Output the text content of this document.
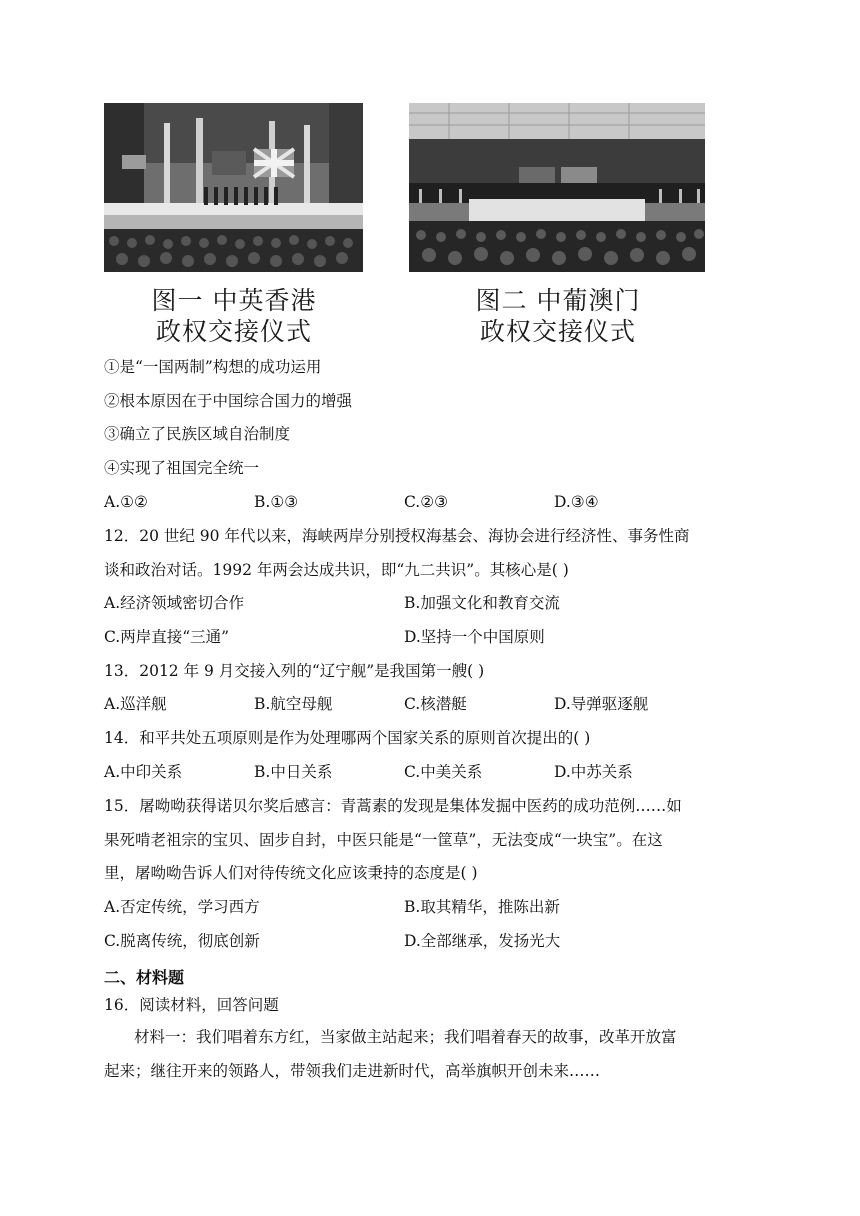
图一 中英香港
政权交接仪式
图二 中葡澳门
政权交接仪式
①是“一国两制”构想的成功运用
②根本原因在于中国综合国力的增强
③确立了民族区域自治制度
④实现了祖国完全统一
A.①②	B.①③	C.②③	D.③④
12．20 世纪 90 年代以来，海峡两岸分别授权海基会、海协会进行经济性、事务性商
谈和政治对话。1992 年两会达成共识，即“九二共识”。其核心是( )
A.经济领域密切合作	B.加强文化和教育交流
C.两岸直接“三通”	D.坚持一个中国原则
13．2012 年 9 月交接入列的“辽宁舰”是我国第一艘( )
A.巡洋舰	B.航空母舰	C.核潜艇	D.导弹驱逐舰
14．和平共处五项原则是作为处理哪两个国家关系的原则首次提出的( )
A.中印关系	B.中日关系	C.中美关系	D.中苏关系
15．屠呦呦获得诺贝尔奖后感言：青蒿素的发现是集体发掘中医药的成功范例……如
果死啃老祖宗的宝贝、固步自封，中医只能是“一筐草”，无法变成“一块宝”。在这
里，屠呦呦告诉人们对待传统文化应该秉持的态度是( )
A.否定传统，学习西方	B.取其精华，推陈出新
C.脱离传统，彻底创新	D.全部继承，发扬光大
二、材料题
16．阅读材料，回答问题
材料一：我们唱着东方红，当家做主站起来；我们唱着春天的故事，改革开放富
起来；继往开来的领路人，带领我们走进新时代，高举旗帜开创未来……
